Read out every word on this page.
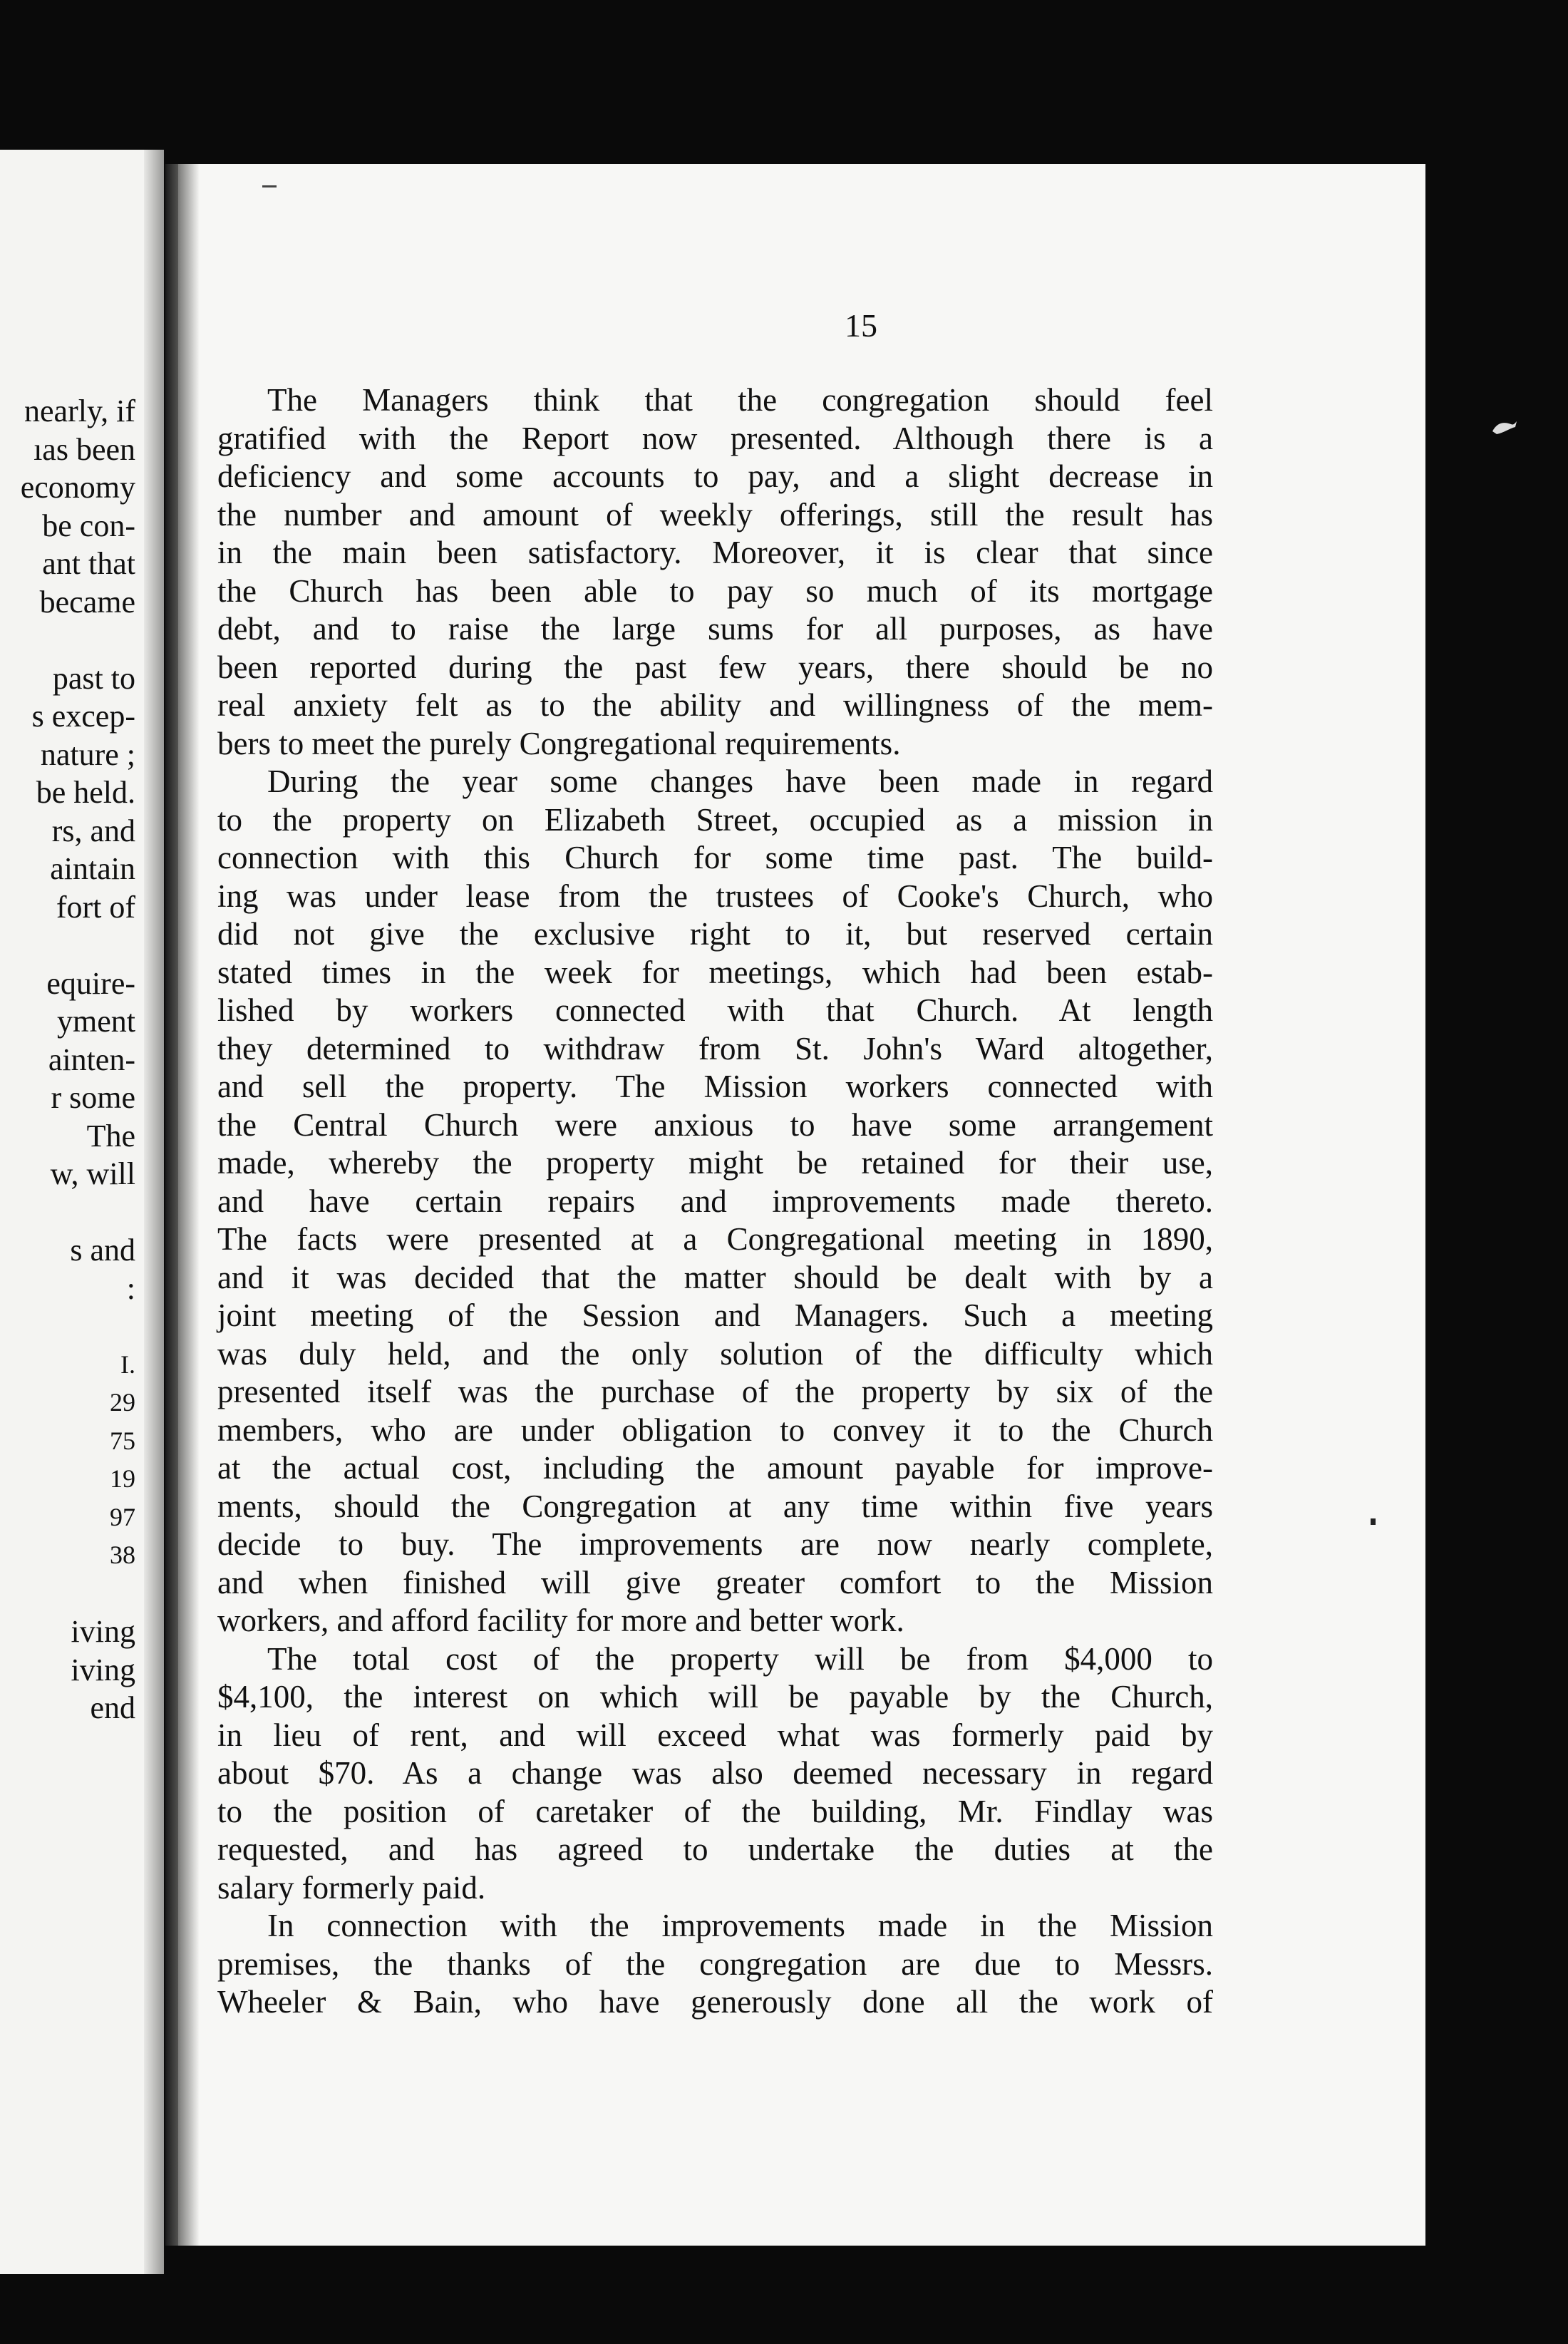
nearly, if
ıas been
economy
be con-
ant that
became
past to
s excep-
nature ;
be held.
rs, and
aintain
fort of
equire-
yment
ainten-
r some
The
w, will
s and
:
I.
29
75
19
97
38
iving
iving
end
15
The Managers think that the congregation should feel
gratified with the Report now presented. Although there is a
deficiency and some accounts to pay, and a slight decrease in
the number and amount of weekly offerings, still the result has
in the main been satisfactory. Moreover, it is clear that since
the Church has been able to pay so much of its mortgage
debt, and to raise the large sums for all purposes, as have
been reported during the past few years, there should be no
real anxiety felt as to the ability and willingness of the mem-
bers to meet the purely Congregational requirements.
During the year some changes have been made in regard
to the property on Elizabeth Street, occupied as a mission in
connection with this Church for some time past. The build-
ing was under lease from the trustees of Cooke's Church, who
did not give the exclusive right to it, but reserved certain
stated times in the week for meetings, which had been estab-
lished by workers connected with that Church. At length
they determined to withdraw from St. John's Ward altogether,
and sell the property. The Mission workers connected with
the Central Church were anxious to have some arrangement
made, whereby the property might be retained for their use,
and have certain repairs and improvements made thereto.
The facts were presented at a Congregational meeting in 1890,
and it was decided that the matter should be dealt with by a
joint meeting of the Session and Managers. Such a meeting
was duly held, and the only solution of the difficulty which
presented itself was the purchase of the property by six of the
members, who are under obligation to convey it to the Church
at the actual cost, including the amount payable for improve-
ments, should the Congregation at any time within five years
decide to buy. The improvements are now nearly complete,
and when finished will give greater comfort to the Mission
workers, and afford facility for more and better work.
The total cost of the property will be from $4,000 to
$4,100, the interest on which will be payable by the Church,
in lieu of rent, and will exceed what was formerly paid by
about $70. As a change was also deemed necessary in regard
to the position of caretaker of the building, Mr. Findlay was
requested, and has agreed to undertake the duties at the
salary formerly paid.
In connection with the improvements made in the Mission
premises, the thanks of the congregation are due to Messrs.
Wheeler & Bain, who have generously done all the work of
